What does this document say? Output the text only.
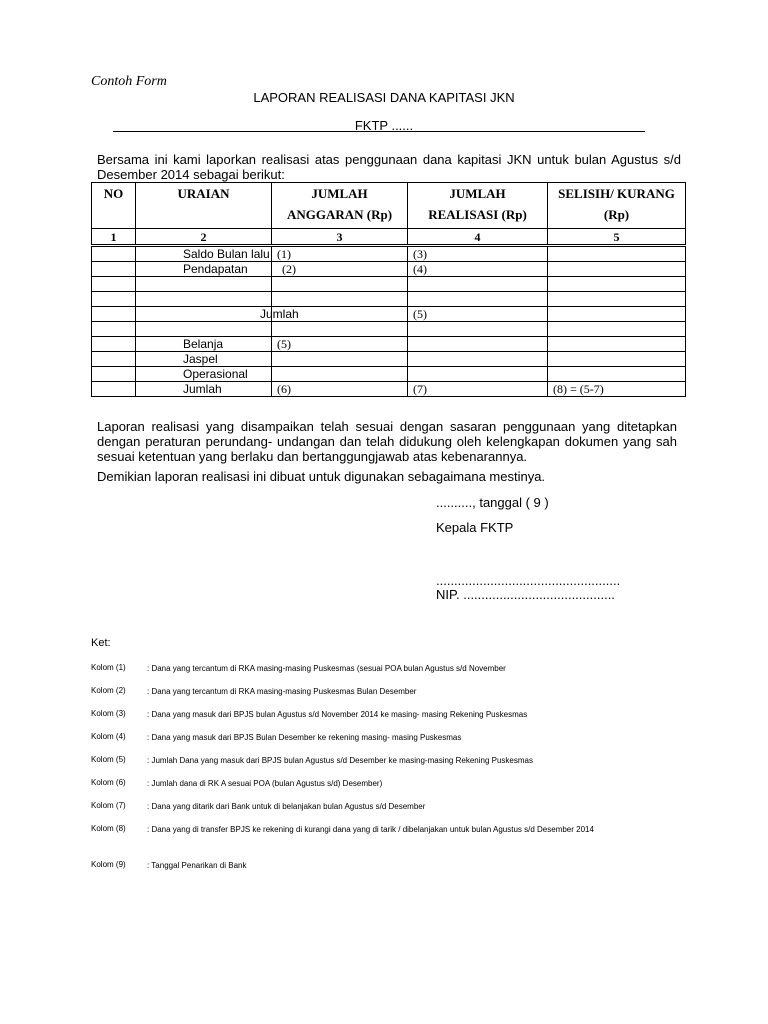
Contoh Form
LAPORAN REALISASI DANA KAPITASI JKN
FKTP ......
Bersama ini kami laporkan realisasi atas penggunaan dana kapitasi JKN untuk bulan Agustus s/d Desember 2014 sebagai berikut:
NO	URAIAN	JUMLAH ANGGARAN (Rp)	JUMLAH REALISASI (Rp)	SELISIH/ KURANG (Rp)
1	2	3	4	5
	Saldo Bulan lalu	(1)	(3)	
	Pendapatan	(2)	(4)	

	Jumlah		(5)	

	Belanja	(5)		
	Jaspel			
	Operasional			
	Jumlah	(6)	(7)	(8) = (5-7)
Laporan realisasi yang disampaikan telah sesuai dengan sasaran penggunaan yang ditetapkan dengan peraturan perundang- undangan dan telah didukung oleh kelengkapan dokumen yang sah sesuai ketentuan yang berlaku dan bertanggungjawab atas kebenarannya.
Demikian laporan realisasi ini dibuat untuk digunakan sebagaimana mestinya.
.........., tanggal ( 9 )
Kepala FKTP
...................................................
NIP. ..........................................
Ket:
Kolom (1)	: Dana yang tercantum di RKA masing-masing Puskesmas (sesuai POA bulan Agustus s/d November
Kolom (2)	: Dana yang tercantum di RKA masing-masing Puskesmas Bulan Desember
Kolom (3)	: Dana yang masuk dari BPJS bulan Agustus s/d November 2014 ke masing- masing Rekening Puskesmas
Kolom (4)	: Dana yang masuk dari BPJS Bulan Desember ke rekening masing- masing Puskesmas
Kolom (5)	: Jumlah Dana yang masuk dari BPJS bulan Agustus s/d Desember ke masing-masing Rekening Puskesmas
Kolom (6)	: Jumlah dana di RK A sesuai POA (bulan Agustus s/d) Desember)
Kolom (7)	: Dana yang ditarik dari Bank untuk di belanjakan bulan Agustus s/d Desember
Kolom (8)	: Dana yang di transfer BPJS ke rekening di kurangi dana yang di tarik / dibelanjakan untuk bulan Agustus s/d Desember 2014
Kolom (9)	: Tanggal Penarikan di Bank
